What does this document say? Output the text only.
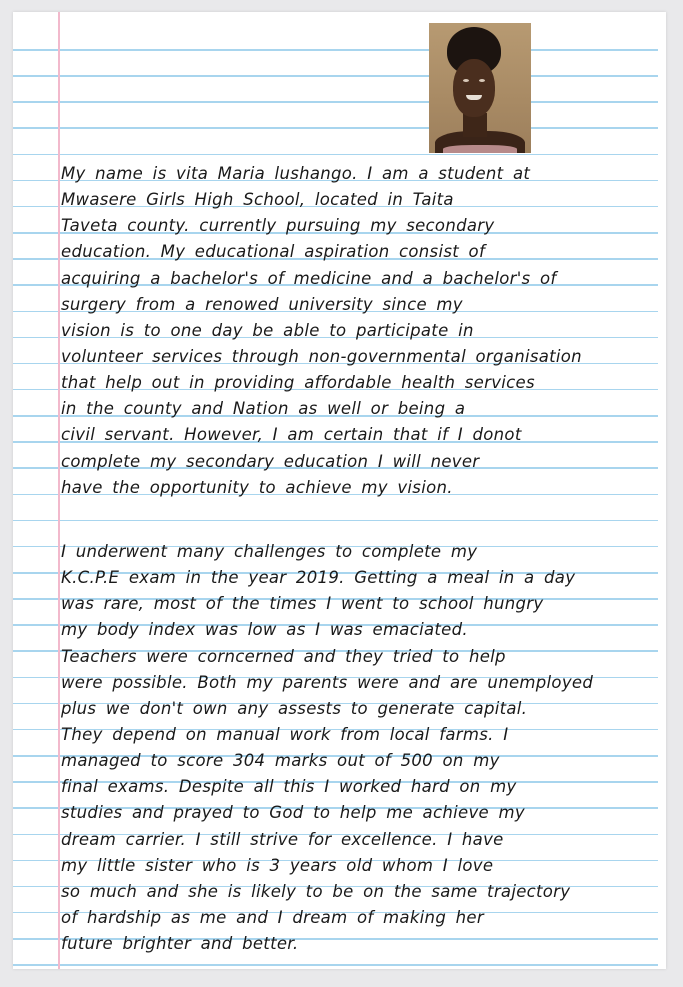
My name is vita Maria lushango. I am a student at
Mwasere Girls High School, located in Taita
Taveta county. currently pursuing my secondary
education. My educational aspiration consist of
acquiring a bachelor's of medicine and a bachelor's of
surgery from a renowed university since my
vision is to one day be able to participate in
volunteer services through non-governmental organisation
that help out in providing affordable health services
in the county and Nation as well or being a
civil servant. However, I am certain that if I donot
complete my secondary education I will never
have the opportunity to achieve my vision.
I underwent many challenges to complete my
K.C.P.E exam in the year 2019. Getting a meal in a day
was rare, most of the times I went to school hungry
my body index was low as I was emaciated.
Teachers were corncerned and they tried to help
were possible. Both my parents were and are unemployed
plus we don't own any assests to generate capital.
They depend on manual work from local farms. I
managed to score 304 marks out of 500 on my
final exams. Despite all this I worked hard on my
studies and prayed to God to help me achieve my
dream carrier. I still strive for excellence. I have
my little sister who is 3 years old whom I love
so much and she is likely to be on the same trajectory
of hardship as me and I dream of making her
future brighter and better.
